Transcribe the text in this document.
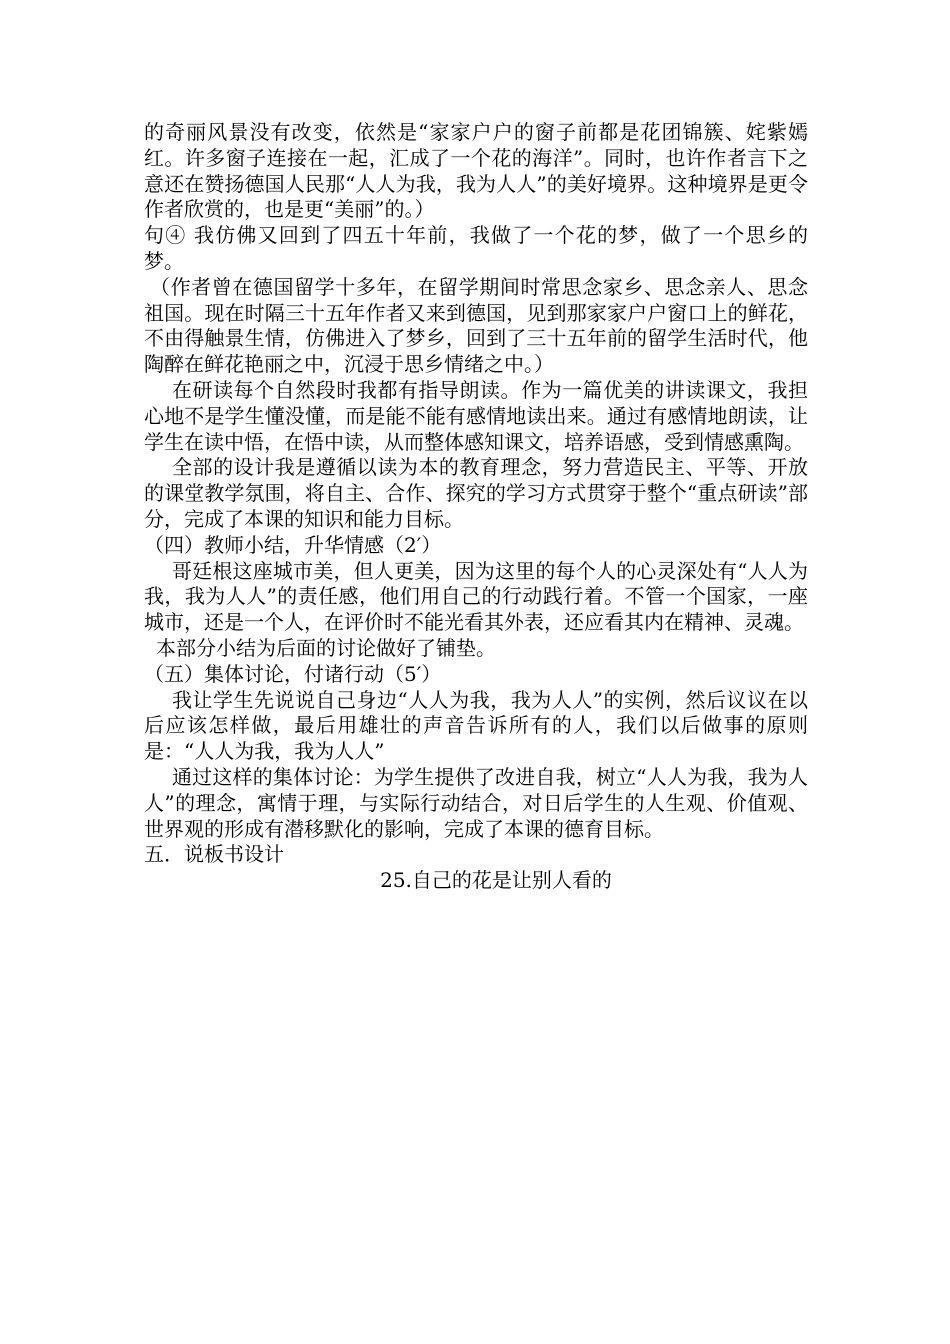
的奇丽风景没有改变，依然是“家家户户的窗子前都是花团锦簇、姹紫嫣红。许多窗子连接在一起，汇成了一个花的海洋”。同时，也许作者言下之意还在赞扬德国人民那“人人为我，我为人人”的美好境界。这种境界是更令作者欣赏的，也是更“美丽”的。）

句④ 我仿佛又回到了四五十年前，我做了一个花的梦，做了一个思乡的梦。

（作者曾在德国留学十多年，在留学期间时常思念家乡、思念亲人、思念祖国。现在时隔三十五年作者又来到德国，见到那家家户户窗口上的鲜花，不由得触景生情，仿佛进入了梦乡，回到了三十五年前的留学生活时代，他陶醉在鲜花艳丽之中，沉浸于思乡情绪之中。）

在研读每个自然段时我都有指导朗读。作为一篇优美的讲读课文，我担心地不是学生懂没懂，而是能不能有感情地读出来。通过有感情地朗读，让学生在读中悟，在悟中读，从而整体感知课文，培养语感，受到情感熏陶。

全部的设计我是遵循以读为本的教育理念，努力营造民主、平等、开放的课堂教学氛围，将自主、合作、探究的学习方式贯穿于整个“重点研读”部分，完成了本课的知识和能力目标。

（四）教师小结，升华情感（2′）

哥廷根这座城市美，但人更美，因为这里的每个人的心灵深处有“人人为我，我为人人”的责任感，他们用自己的行动践行着。不管一个国家，一座城市，还是一个人，在评价时不能光看其外表，还应看其内在精神、灵魂。

本部分小结为后面的讨论做好了铺垫。

（五）集体讨论，付诸行动（5′）

我让学生先说说自己身边“人人为我，我为人人”的实例，然后议议在以后应该怎样做，最后用雄壮的声音告诉所有的人，我们以后做事的原则是：“人人为我，我为人人”

通过这样的集体讨论：为学生提供了改进自我，树立“人人为我，我为人人”的理念，寓情于理，与实际行动结合，对日后学生的人生观、价值观、世界观的形成有潜移默化的影响，完成了本课的德育目标。

五．说板书设计

25.自己的花是让别人看的
